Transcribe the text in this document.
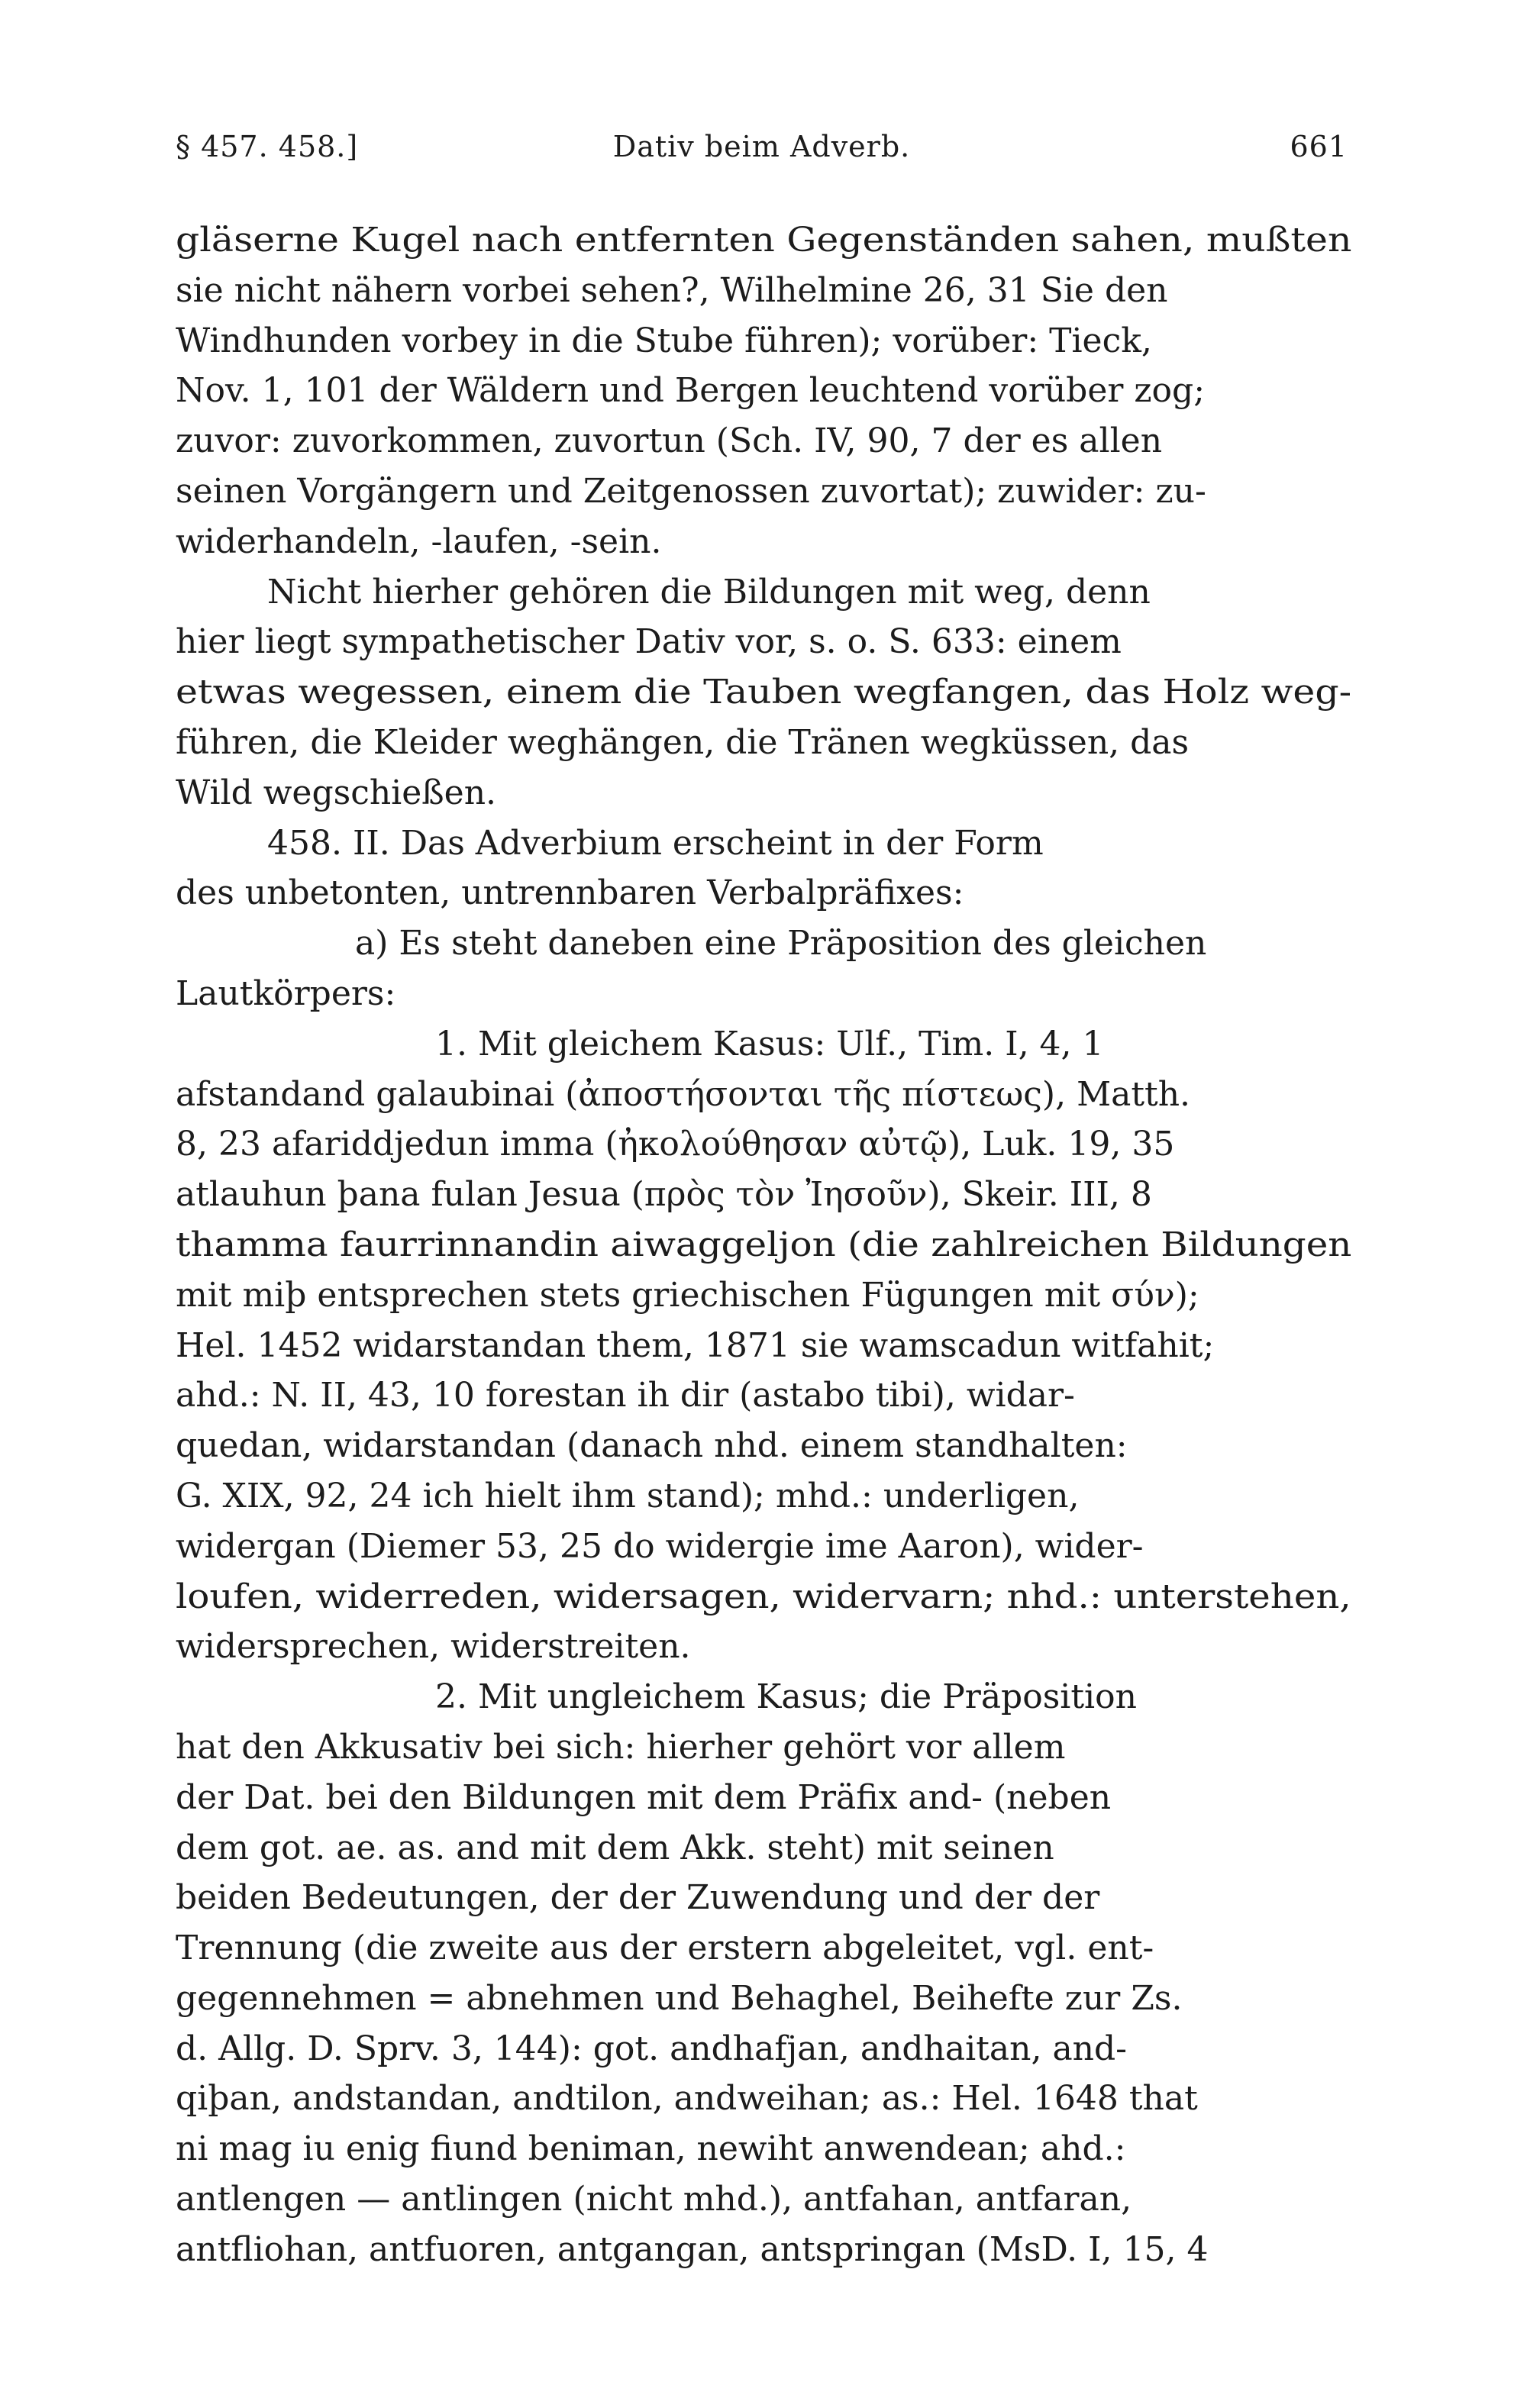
§ 457. 458.]	Dativ beim Adverb.	661
gläserne Kugel nach entfernten Gegenständen sahen, mußten
sie nicht nähern vorbei sehen?, Wilhelmine 26, 31 Sie den
Windhunden vorbey in die Stube führen); vorüber: Tieck,
Nov. 1, 101 der Wäldern und Bergen leuchtend vorüber zog;
zuvor: zuvorkommen, zuvortun (Sch. IV, 90, 7 der es allen
seinen Vorgängern und Zeitgenossen zuvortat); zuwider: zu-
widerhandeln, -laufen, -sein.
Nicht hierher gehören die Bildungen mit weg, denn
hier liegt sympathetischer Dativ vor, s. o. S. 633: einem
etwas wegessen, einem die Tauben wegfangen, das Holz weg-
führen, die Kleider weghängen, die Tränen wegküssen, das
Wild wegschießen.
458. II. Das Adverbium erscheint in der Form
des unbetonten, untrennbaren Verbalpräfixes:
a) Es steht daneben eine Präposition des gleichen
Lautkörpers:
1. Mit gleichem Kasus: Ulf., Tim. I, 4, 1
afstandand galaubinai (ἀποστήσονται τῆς πίστεως), Matth.
8, 23 afariddjedun imma (ἠκολούθησαν αὐτῷ), Luk. 19, 35
atlauhun þana fulan Jesua (πρὸς τὸν Ἰησοῦν), Skeir. III, 8
thamma faurrinnandin aiwaggeljon (die zahlreichen Bildungen
mit miþ entsprechen stets griechischen Fügungen mit σύν);
Hel. 1452 widarstandan them, 1871 sie wamscadun witfahit;
ahd.: N. II, 43, 10 forestan ih dir (astabo tibi), widar-
quedan, widarstandan (danach nhd. einem standhalten:
G. XIX, 92, 24 ich hielt ihm stand); mhd.: underligen,
widergan (Diemer 53, 25 do widergie ime Aaron), wider-
loufen, widerreden, widersagen, widervarn; nhd.: unterstehen,
widersprechen, widerstreiten.
2. Mit ungleichem Kasus; die Präposition
hat den Akkusativ bei sich: hierher gehört vor allem
der Dat. bei den Bildungen mit dem Präfix and- (neben
dem got. ae. as. and mit dem Akk. steht) mit seinen
beiden Bedeutungen, der der Zuwendung und der der
Trennung (die zweite aus der erstern abgeleitet, vgl. ent-
gegennehmen = abnehmen und Behaghel, Beihefte zur Zs.
d. Allg. D. Sprv. 3, 144): got. andhafjan, andhaitan, and-
qiþan, andstandan, andtilon, andweihan; as.: Hel. 1648 that
ni mag iu enig fiund beniman, newiht anwendean; ahd.:
antlengen — antlingen (nicht mhd.), antfahan, antfaran,
antfliohan, antfuoren, antgangan, antspringan (MsD. I, 15, 4
